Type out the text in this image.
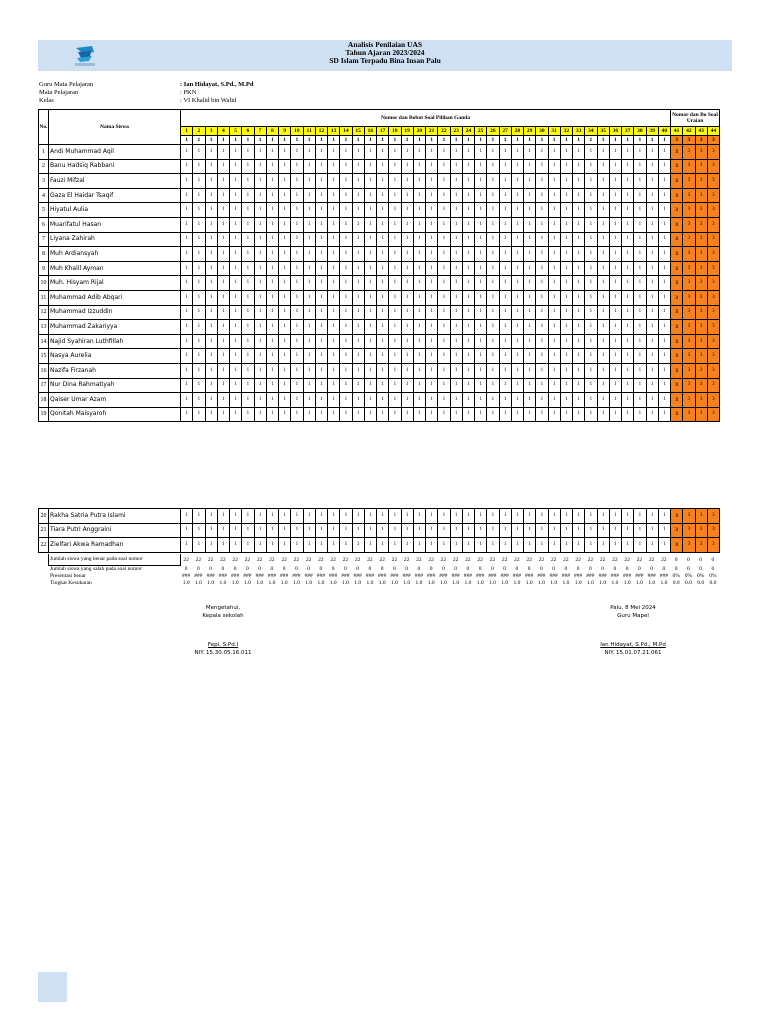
Analisis Penilaian UAS
Tahun Ajaran 2023/2024
SD Islam Terpadu Bina Insan Palu
Guru Mata Pelajaran	: Ian Hidayat, S.Pd., M.Pd
Mata Pelajaran	: PKN
Kelas	: VI Khalid bin Walid
No.	Nama Siswa	Nomor dan Bobot Soal Pilihan Ganda																																								Nomor dan Bo Soal Uraian			
		1	2	3	4	5	6	7	8	9	10	11	12	13	14	15	16	17	18	19	20	21	22	23	24	25	26	27	28	29	30	31	32	33	34	35	36	37	38	39	40	41	42	43	44
		1	1	1	1	1	1	1	1	1	1	1	1	1	1	1	1	1	1	1	1	1	1	1	1	1	1	1	1	1	1	1	1	1	1	1	1	1	1	1	1	3	3	3	3
1	Andi Muhammad Aqil	1	1	1	1	1	1	1	1	1	1	1	1	1	1	1	1	1	1	1	1	1	1	1	1	1	1	1	1	1	1	1	1	1	1	1	1	1	1	1	1	3	3	3	3
2	Banu Hadsiq Rabbani	1	1	1	1	1	1	1	1	1	1	1	1	1	1	1	1	1	1	1	1	1	1	1	1	1	1	1	1	1	1	1	1	1	1	1	1	1	1	1	1	3	3	3	3
3	Fauzi Mifzal	1	1	1	1	1	1	1	1	1	1	1	1	1	1	1	1	1	1	1	1	1	1	1	1	1	1	1	1	1	1	1	1	1	1	1	1	1	1	1	1	3	3	3	3
4	Gaza El Haidar Tsaqif	1	1	1	1	1	1	1	1	1	1	1	1	1	1	1	1	1	1	1	1	1	1	1	1	1	1	1	1	1	1	1	1	1	1	1	1	1	1	1	1	3	3	3	3
5	Hiyatul Aulia	1	1	1	1	1	1	1	1	1	1	1	1	1	1	1	1	1	1	1	1	1	1	1	1	1	1	1	1	1	1	1	1	1	1	1	1	1	1	1	1	3	3	3	3
6	Muarifatul Hasan	1	1	1	1	1	1	1	1	1	1	1	1	1	1	1	1	1	1	1	1	1	1	1	1	1	1	1	1	1	1	1	1	1	1	1	1	1	1	1	1	3	3	3	3
7	Liyana Zahirah	1	1	1	1	1	1	1	1	1	1	1	1	1	1	1	1	1	1	1	1	1	1	1	1	1	1	1	1	1	1	1	1	1	1	1	1	1	1	1	1	3	3	3	3
8	Muh Ardiansyah	1	1	1	1	1	1	1	1	1	1	1	1	1	1	1	1	1	1	1	1	1	1	1	1	1	1	1	1	1	1	1	1	1	1	1	1	1	1	1	1	3	3	3	3
9	Muh Khalil Ayman	1	1	1	1	1	1	1	1	1	1	1	1	1	1	1	1	1	1	1	1	1	1	1	1	1	1	1	1	1	1	1	1	1	1	1	1	1	1	1	1	3	3	3	3
10	Muh. Hisyam Rijal	1	1	1	1	1	1	1	1	1	1	1	1	1	1	1	1	1	1	1	1	1	1	1	1	1	1	1	1	1	1	1	1	1	1	1	1	1	1	1	1	3	3	3	3
11	Muhammad Adib Abqari	1	1	1	1	1	1	1	1	1	1	1	1	1	1	1	1	1	1	1	1	1	1	1	1	1	1	1	1	1	1	1	1	1	1	1	1	1	1	1	1	3	3	3	3
12	Muhammad Izzuddin	1	1	1	1	1	1	1	1	1	1	1	1	1	1	1	1	1	1	1	1	1	1	1	1	1	1	1	1	1	1	1	1	1	1	1	1	1	1	1	1	3	3	3	3
13	Muhammad Zakariyya	1	1	1	1	1	1	1	1	1	1	1	1	1	1	1	1	1	1	1	1	1	1	1	1	1	1	1	1	1	1	1	1	1	1	1	1	1	1	1	1	3	3	3	3
14	Najid Syahiran Luthfillah	1	1	1	1	1	1	1	1	1	1	1	1	1	1	1	1	1	1	1	1	1	1	1	1	1	1	1	1	1	1	1	1	1	1	1	1	1	1	1	1	3	3	3	3
15	Nasya Aurelia	1	1	1	1	1	1	1	1	1	1	1	1	1	1	1	1	1	1	1	1	1	1	1	1	1	1	1	1	1	1	1	1	1	1	1	1	1	1	1	1	3	3	3	3
16	Nazifa Firzanah	1	1	1	1	1	1	1	1	1	1	1	1	1	1	1	1	1	1	1	1	1	1	1	1	1	1	1	1	1	1	1	1	1	1	1	1	1	1	1	1	3	3	3	3
17	Nur Dina Rahmatiyah	1	1	1	1	1	1	1	1	1	1	1	1	1	1	1	1	1	1	1	1	1	1	1	1	1	1	1	1	1	1	1	1	1	1	1	1	1	1	1	1	3	3	3	3
18	Qaiser Umar Azam	1	1	1	1	1	1	1	1	1	1	1	1	1	1	1	1	1	1	1	1	1	1	1	1	1	1	1	1	1	1	1	1	1	1	1	1	1	1	1	1	3	3	3	3
19	Qonitah Maisyaroh	1	1	1	1	1	1	1	1	1	1	1	1	1	1	1	1	1	1	1	1	1	1	1	1	1	1	1	1	1	1	1	1	1	1	1	1	1	1	1	1	3	3	3	3
20	Rakha Satria Putra Islami	1	1	1	1	1	1	1	1	1	1	1	1	1	1	1	1	1	1	1	1	1	1	1	1	1	1	1	1	1	1	1	1	1	1	1	1	1	1	1	1	3	3	3	3
21	Tiara Putri Anggraini	1	1	1	1	1	1	1	1	1	1	1	1	1	1	1	1	1	1	1	1	1	1	1	1	1	1	1	1	1	1	1	1	1	1	1	1	1	1	1	1	3	3	3	3
22	Zielfari Akwa Ramadhan	1	1	1	1	1	1	1	1	1	1	1	1	1	1	1	1	1	1	1	1	1	1	1	1	1	1	1	1	1	1	1	1	1	1	1	1	1	1	1	1	3	3	3	3
Jumlah siswa yang benar pada soal nomor	22	22	22	22	22	22	22	22	22	22	22	22	22	22	22	22	22	22	22	22	22	22	22	22	22	22	22	22	22	22	22	22	22	22	22	22	22	22	22	22	0	0	0	0
Jumlah siswa yang salah pada soal nomor	0	0	0	0	0	0	0	0	0	0	0	0	0	0	0	0	0	0	0	0	0	0	0	0	0	0	0	0	0	0	0	0	0	0	0	0	0	0	0	0	0	0	0	0
Presentasi benar	### ### ### ### ### ### ### ### ### ### ### ### ### ### ### ### ### ### ### ### ### ### ### ### ### ### ### ### ### ### ### ### ### ### ### ### ### ### ### ### 0% 0% 0% 0%
Tingkat Kesukaran	1.0 1.0 1.0 1.0 1.0 1.0 1.0 1.0 1.0 1.0 1.0 1.0 1.0 1.0 1.0 1.0 1.0 1.0 1.0 1.0 1.0 1.0 1.0 1.0 1.0 1.0 1.0 1.0 1.0 1.0 1.0 1.0 1.0 1.0 1.0 1.0 1.0 1.0 1.0 1.0 0.0 0.0 0.0 0.0
Mengetahui,
Kepala sekolah
Fepi, S.Pd.I
NIY. 15.30.05.16.011
Palu, 8 Mei 2024
Guru Mapel
Ian Hidayat, S.Pd., M.Pd
NIY. 15.01.07.21.061
